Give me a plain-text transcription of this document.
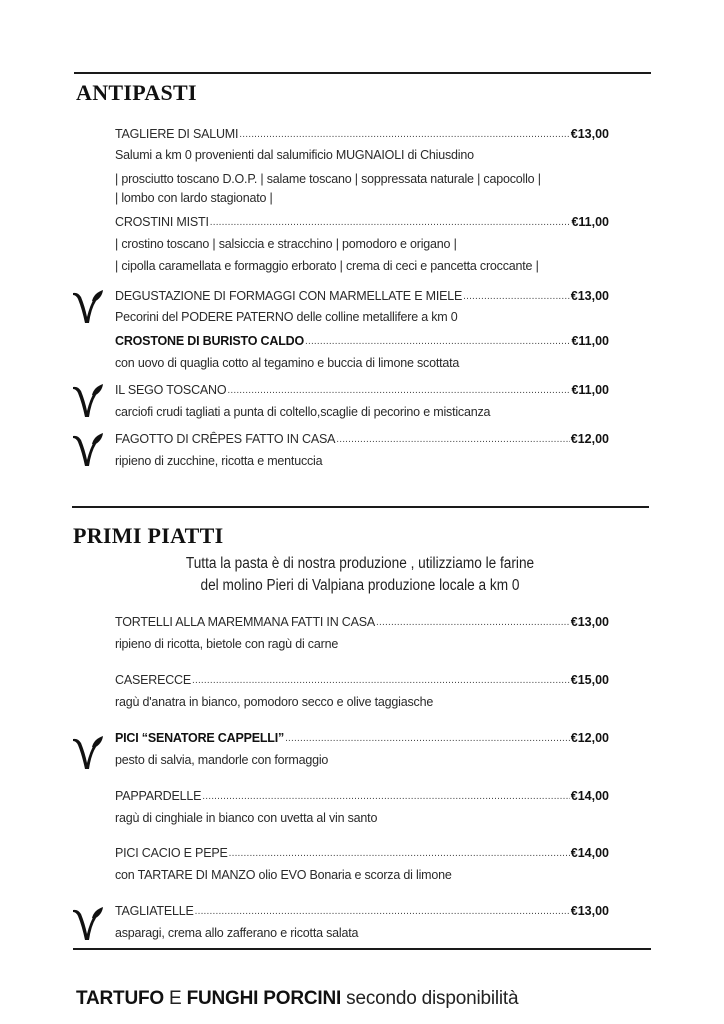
ANTIPASTI
TAGLIERE DI SALUMI .....	€13,00
Salumi a km 0 provenienti dal salumificio MUGNAIOLI di Chiusdino
| prosciutto toscano D.O.P. | salame toscano | soppressata naturale | capocollo |
| lombo con lardo stagionato |
CROSTINI MISTI .....	€11,00
| crostino toscano | salsiccia e stracchino | pomodoro e origano |
| cipolla caramellata e formaggio erborato | crema di ceci e pancetta croccante |
DEGUSTAZIONE DI FORMAGGI CON MARMELLATE E MIELE .....	€13,00
Pecorini del PODERE PATERNO delle colline metallifere a km 0
CROSTONE DI BURISTO CALDO .....	€11,00
con uovo di quaglia cotto al tegamino e buccia di limone scottata
IL SEGO TOSCANO .....	€11,00
carciofi crudi tagliati a punta di coltello,scaglie di pecorino e misticanza
FAGOTTO DI CRÊPES FATTO IN CASA .....	€12,00
ripieno di zucchine, ricotta e mentuccia
PRIMI PIATTI
Tutta la pasta è di nostra produzione , utilizziamo le farine
del molino Pieri di Valpiana produzione locale a km 0
TORTELLI ALLA MAREMMANA FATTI IN CASA .....	€13,00
ripieno di ricotta, bietole con ragù di carne
CASERECCE .....	€15,00
ragù d'anatra in bianco, pomodoro secco e olive taggiasche
PICI “SENATORE CAPPELLI” .....	€12,00
pesto di salvia, mandorle con formaggio
PAPPARDELLE .....	€14,00
ragù di cinghiale in bianco con uvetta al vin santo
PICI CACIO E PEPE .....	€14,00
con TARTARE DI MANZO olio EVO Bonaria e scorza di limone
TAGLIATELLE .....	€13,00
asparagi, crema allo zafferano e ricotta salata
TARTUFO E FUNGHI PORCINI secondo disponibilità
